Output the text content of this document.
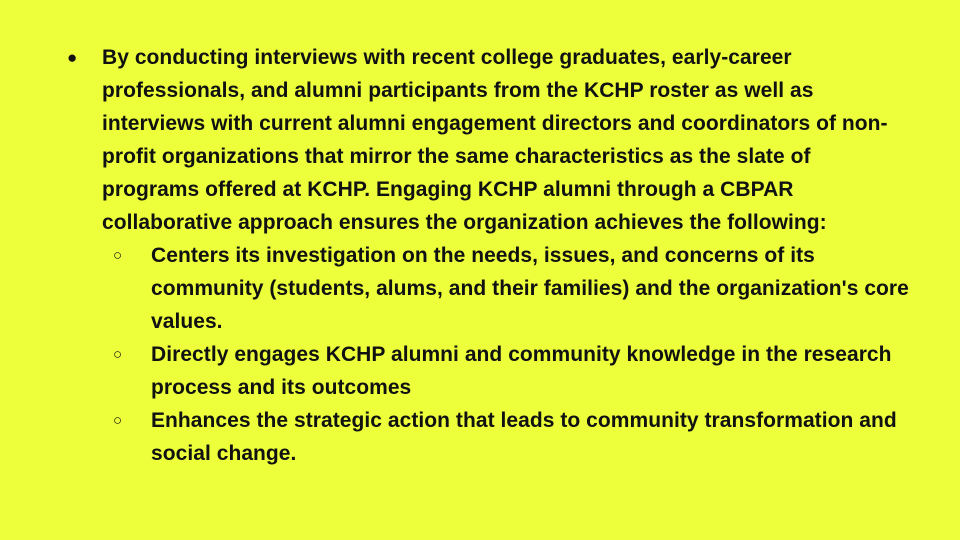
● By conducting interviews with recent college graduates, early-career professionals, and alumni participants from the KCHP roster as well as interviews with current alumni engagement directors and coordinators of non-profit organizations that mirror the same characteristics as the slate of programs offered at KCHP. Engaging KCHP alumni through a CBPAR collaborative approach ensures the organization achieves the following:

○ Centers its investigation on the needs, issues, and concerns of its community (students, alums, and their families) and the organization's core values.

○ Directly engages KCHP alumni and community knowledge in the research process and its outcomes

○ Enhances the strategic action that leads to community transformation and social change.
